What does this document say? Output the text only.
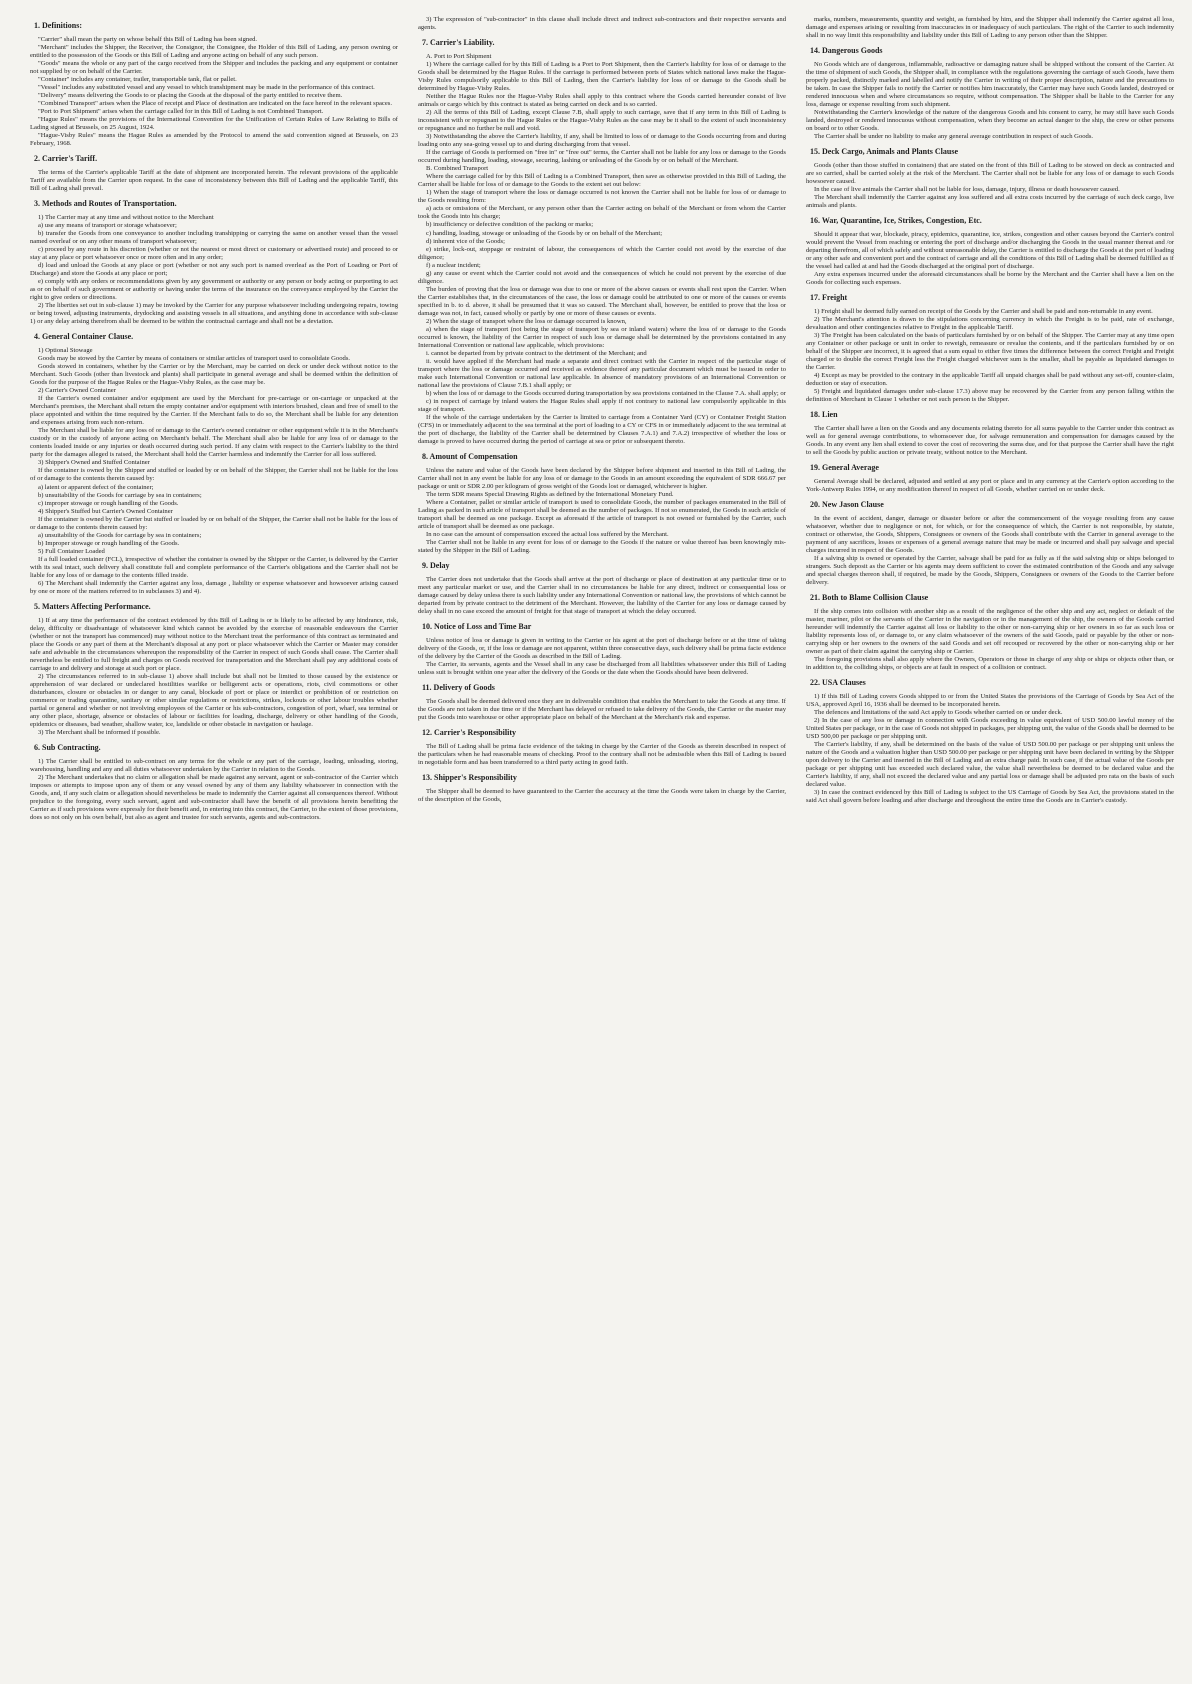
1. Definitions:

"Carrier" shall mean the party on whose behalf this Bill of Lading has been signed.

"Merchant" includes the Shipper, the Receiver, the Consignor, the Consignee, the Holder of this Bill of Lading, any person owning or entitled to the possession of the Goods or this Bill of Lading and anyone acting on behalf of any such person.

"Goods" means the whole or any part of the cargo received from the Shipper and includes the packing and any equipment or container not supplied by or on behalf of the Carrier.

"Container" includes any container, trailer, transportable tank, flat or pallet.

"Vessel" includes any substituted vessel and any vessel to which transhipment may be made in the performance of this contract.

"Delivery" means delivering the Goods to or placing the Goods at the disposal of the party entitled to receive them.

"Combined Transport" arises when the Place of receipt and Place of destination are indicated on the face hereof in the relevant spaces.

"Port to Port Shipment" arises when the carriage called for in this Bill of Lading is not Combined Transport.

"Hague Rules" means the provisions of the International Convention for the Unification of Certain Rules of Law Relating to Bills of Lading signed at Brussels, on 25 August, 1924.

"Hague-Visby Rules" means the Hague Rules as amended by the Protocol to amend the said convention signed at Brussels, on 23 February, 1968.

2. Carrier's Tariff.

The terms of the Carrier's applicable Tariff at the date of shipment are incorporated herein. The relevant provisions of the applicable Tariff are available from the Carrier upon request. In the case of inconsistency between this Bill of Lading and the applicable Tariff, this Bill of Lading shall prevail.

3. Methods and Routes of Transportation.

1) The Carrier may at any time and without notice to the Merchant

a) use any means of transport or storage whatsoever;

b) transfer the Goods from one conveyance to another including transhipping or carrying the same on another vessel than the vessel named overleaf or on any other means of transport whatsoever;

c) proceed by any route in his discretion (whether or not the nearest or most direct or customary or advertised route) and proceed to or stay at any place or port whatsoever once or more often and in any order;

d) load and unload the Goods at any place or port (whether or not any such port is named overleaf as the Port of Loading or Port of Discharge) and store the Goods at any place or port;

e) comply with any orders or recommendations given by any government or authority or any person or body acting or purporting to act as or on behalf of such government or authority or having under the terms of the insurance on the conveyance employed by the Carrier the right to give orders or directions.

2) The liberties set out in sub-clause 1) may be invoked by the Carrier for any purpose whatsoever including undergoing repairs, towing or being towed, adjusting instruments, drydocking and assisting vessels in all situations, and anything done in accordance with sub-clause 1) or any delay arising therefrom shall be deemed to be within the contractual carriage and shall not be a deviation.

4. General Container Clause.

1) Optional Stowage

Goods may be stowed by the Carrier by means of containers or similar articles of transport used to consolidate Goods.

Goods stowed in containers, whether by the Carrier or by the Merchant, may be carried on deck or under deck without notice to the Merchant. Such Goods (other than livestock and plants) shall participate in general average and shall be deemed within the definition of Goods for the purpose of the Hague Rules or the Hague-Visby Rules, as the case may be.

2) Carrier's Owned Container

If the Carrier's owned container and/or equipment are used by the Merchant for pre-carriage or on-carriage or unpacked at the Merchant's premises, the Merchant shall return the empty container and/or equipment with interiors brushed, clean and free of smell to the place appointed and within the time required by the Carrier. If the Merchant fails to do so, the Merchant shall be liable for any detention and expenses arising from such non-return.

The Merchant shall be liable for any loss of or damage to the Carrier's owned container or other equipment while it is in the Merchant's custody or in the custody of anyone acting on Merchant's behalf. The Merchant shall also be liable for any loss of or damage to the contents loaded inside or any injuries or death occurred during such period. If any claim with respect to the Carrier's liability to the third party for the damages alleged is raised, the Merchant shall hold the Carrier harmless and indemnify the Carrier for all loss suffered.

3) Shipper's Owned and Stuffed Container

If the container is owned by the Shipper and stuffed or loaded by or on behalf of the Shipper, the Carrier shall not be liable for the loss of or damage to the contents therein caused by:

a) latent or apparent defect of the container;

b) unsuitability of the Goods for carriage by sea in containers;

c) improper stowage or rough handling of the Goods.

4) Shipper's Stuffed but Carrier's Owned Container

If the container is owned by the Carrier but stuffed or loaded by or on behalf of the Shipper, the Carrier shall not be liable for the loss of or damage to the contents therein caused by:

a) unsuitability of the Goods for carriage by sea in containers;

b) Improper stowage or rough handling of the Goods.

5) Full Container Loaded

If a full loaded container (FCL), irrespective of whether the container is owned by the Shipper or the Carrier, is delivered by the Carrier with its seal intact, such delivery shall constitute full and complete performance of the Carrier's obligations and the Carrier shall not be liable for any loss of or damage to the contents filled inside.

6) The Merchant shall indemnify the Carrier against any loss, damage , liability or expense whatsoever and howsoever arising caused by one or more of the matters referred to in subclauses 3) and 4).

5. Matters Affecting Performance.

1) If at any time the performance of the contract evidenced by this Bill of Lading is or is likely to be affected by any hindrance, risk, delay, difficulty or disadvantage of whatsoever kind which cannot be avoided by the exercise of reasonable endeavours the Carrier (whether or not the transport has commenced) may without notice to the Merchant treat the performance of this contract as terminated and place the Goods or any part of them at the Merchant's disposal at any port or place whatsoever which the Carrier or Master may consider safe and advisable in the circumstances whereupon the responsibility of the Carrier in respect of such Goods shall cease. The Carrier shall nevertheless be entitled to full freight and charges on Goods received for transportation and the Merchant shall pay any additional costs of carriage to and delivery and storage at such port or place.

2) The circumstances referred to in sub-clause 1) above shall include but shall not be limited to those caused by the existence or apprehension of war declared or undeclared hostilities warlike or belligerent acts or operations, riots, civil commotions or other disturbances, closure or obstacles in or danger to any canal, blockade of port or place or interdict or prohibition of or restriction on commerce or trading quarantine, sanitary or other similar regulations or restrictions, strikes, lockouts or other labour troubles whether partial or general and whether or not involving employees of the Carrier or his sub-contractors, congestion of port, wharf, sea terminal or any other place, shortage, absence or obstacles of labour or facilities for loading, discharge, delivery or other handling of the Goods, epidemics or diseases, bad weather, shallow water, ice, landslide or other obstacle in navigation or haulage.

3) The Merchant shall be informed if possible.

6. Sub Contracting.

1) The Carrier shall be entitled to sub-contract on any terms for the whole or any part of the carriage, loading, unloading, storing, warehousing, handling and any and all duties whatsoever undertaken by the Carrier in relation to the Goods.

2) The Merchant undertakes that no claim or allegation shall be made against any servant, agent or sub-contractor of the Carrier which imposes or attempts to impose upon any of them or any vessel owned by any of them any liability whatsoever in connection with the Goods, and, if any such claim or allegation should nevertheless be made to indemnify the Carrier against all consequences thereof. Without prejudice to the foregoing, every such servant, agent and sub-contractor shall have the benefit of all provisions herein benefiting the Carrier as if such provisions were expressly for their benefit and, in entering into this contract, the Carrier, to the extent of those provisions, does so not only on his own behalf, but also as agent and trustee for such servants, agents and sub-contractors.

3) The expression of "sub-contractor" in this clause shall include direct and indirect sub-contractors and their respective servants and agents.

7. Carrier's Liability.

A. Port to Port Shipment

1) Where the carriage called for by this Bill of Lading is a Port to Port Shipment, then the Carrier's liability for loss of or damage to the Goods shall be determined by the Hague Rules. If the carriage is performed between ports of States which national laws make the Hague-Visby Rules compulsorily applicable to this Bill of Lading, then the Carrier's liability for loss of or damage to the Goods shall be determined by Hague-Visby Rules.

Neither the Hague Rules nor the Hague-Visby Rules shall apply to this contract where the Goods carried hereunder consist of live animals or cargo which by this contract is stated as being carried on deck and is so carried.

2) All the terms of this Bill of Lading, except Clause 7.B, shall apply to such carriage, save that if any term in this Bill of Lading is inconsistent with or repugnant to the Hague Rules or the Hague-Visby Rules as the case may be it shall to the extent of such inconsistency or repugnance and no further be null and void.

3) Notwithstanding the above the Carrier's liability, if any, shall be limited to loss of or damage to the Goods occurring from and during loading onto any sea-going vessel up to and during discharging from that vessel.

If the carriage of Goods is performed on "free in" or "free out" terms, the Carrier shall not be liable for any loss or damage to the Goods occurred during handling, loading, stowage, securing, lashing or unloading of the Goods by or on behalf of the Merchant.

B. Combined Transport

Where the carriage called for by this Bill of Lading is a Combined Transport, then save as otherwise provided in this Bill of Lading, the Carrier shall be liable for loss of or damage to the Goods to the extent set out below:

1) When the stage of transport where the loss or damage occurred is not known the Carrier shall not be liable for loss of or damage to the Goods resulting from:

a) acts or omissions of the Merchant, or any person other than the Carrier acting on behalf of the Merchant or from whom the Carrier took the Goods into his charge;

b) insufficiency or defective condition of the packing or marks;

c) handling, loading, stowage or unloading of the Goods by or on behalf of the Merchant;

d) inherent vice of the Goods;

e) strike, lock-out, stoppage or restraint of labour, the consequences of which the Carrier could not avoid by the exercise of due diligence;

f) a nuclear incident;

g) any cause or event which the Carrier could not avoid and the consequences of which he could not prevent by the exercise of due diligence.

The burden of proving that the loss or damage was due to one or more of the above causes or events shall rest upon the Carrier. When the Carrier establishes that, in the circumstances of the case, the loss or damage could be attributed to one or more of the causes or events specified in b. to d. above, it shall be presumed that it was so caused. The Merchant shall, however, be entitled to prove that the loss or damage was not, in fact, caused wholly or partly by one or more of these causes or events.

2) When the stage of transport where the loss or damage occurred is known,

a) when the stage of transport (not being the stage of transport by sea or inland waters) where the loss of or damage to the Goods occurred is known, the liability of the Carrier in respect of such loss or damage shall be determined by the provisions contained in any International Convention or national law applicable, which provisions:

i. cannot be departed from by private contract to the detriment of the Merchant; and

ii. would have applied if the Merchant had made a separate and direct contract with the Carrier in respect of the particular stage of transport where the loss or damage occurred and received as evidence thereof any particular document which must be issued in order to make such International Convention or national law applicable. In absence of mandatory provisions of an International Convention or national law the provisions of Clause 7.B.1 shall apply; or

b) when the loss of or damage to the Goods occurred during transportation by sea provisions contained in the Clause 7.A. shall apply; or

c) in respect of carriage by inland waters the Hague Rules shall apply if not contrary to national law compulsorily applicable in this stage of transport.

If the whole of the carriage undertaken by the Carrier is limited to carriage from a Container Yard (CY) or Container Freight Station (CFS) in or immediately adjacent to the sea terminal at the port of loading to a CY or CFS in or immediately adjacent to the sea terminal at the port of discharge, the liability of the Carrier shall be determined by Clauses 7.A.1) and 7.A.2) irrespective of whether the loss or damage is proved to have occurred during the period of carriage at sea or prior or subsequent thereto.

8. Amount of Compensation

Unless the nature and value of the Goods have been declared by the Shipper before shipment and inserted in this Bill of Lading, the Carrier shall not in any event be liable for any loss of or damage to the Goods in an amount exceeding the equivalent of SDR 666.67 per package or unit or SDR 2.00 per kilogram of gross weight of the Goods lost or damaged, whichever is higher.

The term SDR means Special Drawing Rights as defined by the International Monetary Fund.

Where a Container, pallet or similar article of transport is used to consolidate Goods, the number of packages enumerated in the Bill of Lading as packed in such article of transport shall be deemed as the number of packages. If not so enumerated, the Goods in such article of transport shall be deemed as one package. Except as aforesaid if the article of transport is not owned or furnished by the Carrier, such article of transport shall be deemed as one package.

In no case can the amount of compensation exceed the actual loss suffered by the Merchant.

The Carrier shall not be liable in any event for loss of or damage to the Goods if the nature or value thereof has been knowingly mis-stated by the Shipper in the Bill of Lading.

9. Delay

The Carrier does not undertake that the Goods shall arrive at the port of discharge or place of destination at any particular time or to meet any particular market or use, and the Carrier shall in no circumstances be liable for any direct, indirect or consequential loss or damage caused by delay unless there is such liability under any International Convention or national law, the provisions of which cannot be departed from by private contract to the detriment of the Merchant. However, the liability of the Carrier for any loss or damage caused by delay shall in no case exceed the amount of freight for that stage of transport at which the delay occurred.

10. Notice of Loss and Time Bar

Unless notice of loss or damage is given in writing to the Carrier or his agent at the port of discharge before or at the time of taking delivery of the Goods, or, if the loss or damage are not apparent, within three consecutive days, such delivery shall be prima facie evidence of the delivery by the Carrier of the Goods as described in the Bill of Lading.

The Carrier, its servants, agents and the Vessel shall in any case be discharged from all liabilities whatsoever under this Bill of Lading unless suit is brought within one year after the delivery of the Goods or the date when the Goods should have been delivered.

11. Delivery of Goods

The Goods shall be deemed delivered once they are in deliverable condition that enables the Merchant to take the Goods at any time. If the Goods are not taken in due time or if the Merchant has delayed or refused to take delivery of the Goods, the Carrier or the master may put the Goods into warehouse or other appropriate place on behalf of the Merchant at the Merchant's risk and expense.

12. Carrier's Responsibility

The Bill of Lading shall be prima facie evidence of the taking in charge by the Carrier of the Goods as therein described in respect of the particulars when he had reasonable means of checking. Proof to the contrary shall not be admissible when this Bill of Lading is issued in negotiable form and has been transferred to a third party acting in good faith.

13. Shipper's Responsibility

The Shipper shall be deemed to have guaranteed to the Carrier the accuracy at the time the Goods were taken in charge by the Carrier, of the description of the Goods,

marks, numbers, measurements, quantity and weight, as furnished by him, and the Shipper shall indemnify the Carrier against all loss, damage and expenses arising or resulting from inaccuracies in or inadequacy of such particulars. The right of the Carrier to such indemnity shall in no way limit this responsibility and liability under this Bill of Lading to any person other than the Shipper.

14. Dangerous Goods

No Goods which are of dangerous, inflammable, radioactive or damaging nature shall be shipped without the consent of the Carrier. At the time of shipment of such Goods, the Shipper shall, in compliance with the regulations governing the carriage of such Goods, have them properly packed, distinctly marked and labelled and notify the Carrier in writing of their proper description, nature and the precautions to be taken. In case the Shipper fails to notify the Carrier or notifies him inaccurately, the Carrier may have such Goods landed, destroyed or rendered innocuous when and where circumstances so require, without compensation. The Shipper shall be liable to the Carrier for any loss, damage or expense resulting from such shipment.

Notwithstanding the Carrier's knowledge of the nature of the dangerous Goods and his consent to carry, he may still have such Goods landed, destroyed or rendered innocuous without compensation, when they become an actual danger to the ship, the crew or other persons on board or to other Goods.

The Carrier shall be under no liability to make any general average contribution in respect of such Goods.

15. Deck Cargo, Animals and Plants Clause

Goods (other than those stuffed in containers) that are stated on the front of this Bill of Lading to be stowed on deck as contracted and are so carried, shall be carried solely at the risk of the Merchant. The Carrier shall not be liable for any loss of or damage to such Goods howsoever caused.

In the case of live animals the Carrier shall not be liable for loss, damage, injury, illness or death howsoever caused.

The Merchant shall indemnify the Carrier against any loss suffered and all extra costs incurred by the carriage of such deck cargo, live animals and plants.

16. War, Quarantine, Ice, Strikes, Congestion, Etc.

Should it appear that war, blockade, piracy, epidemics, quarantine, ice, strikes, congestion and other causes beyond the Carrier's control would prevent the Vessel from reaching or entering the port of discharge and/or discharging the Goods in the usual manner thereat and /or departing therefrom, all of which safely and without unreasonable delay, the Carrier is entitled to discharge the Goods at the port of loading or any other safe and convenient port and the contract of carriage and all the conditions of this Bill of Lading shall be deemed fulfilled as if the vessel had called at and had the Goods discharged at the original port of discharge.

Any extra expenses incurred under the aforesaid circumstances shall be borne by the Merchant and the Carrier shall have a lien on the Goods for collecting such expenses.

17. Freight

1) Freight shall be deemed fully earned on receipt of the Goods by the Carrier and shall be paid and non-returnable in any event.

2) The Merchant's attention is drawn to the stipulations concerning currency in which the Freight is to be paid, rate of exchange, devaluation and other contingencies relative to Freight in the applicable Tariff.

3) The Freight has been calculated on the basis of particulars furnished by or on behalf of the Shipper. The Carrier may at any time open any Container or other package or unit in order to reweigh, remeasure or revalue the contents, and if the particulars furnished by or on behalf of the Shipper are incorrect, it is agreed that a sum equal to either five times the difference between the correct Freight and Freight charged or to double the correct Freight less the Freight charged whichever sum is the smaller, shall be payable as liquidated damages to the Carrier.

4) Except as may be provided to the contrary in the applicable Tariff all unpaid charges shall be paid without any set-off, counter-claim, deduction or stay of execution.

5) Freight and liquidated damages under sub-clause 17.3) above may be recovered by the Carrier from any person falling within the definition of Merchant in Clause 1 whether or not such person is the Shipper.

18. Lien

The Carrier shall have a lien on the Goods and any documents relating thereto for all sums payable to the Carrier under this contract as well as for general average contributions, to whomsoever due, for salvage remuneration and compensation for damages caused by the Goods. In any event any lien shall extend to cover the cost of recovering the sums due, and for that purpose the Carrier shall have the right to sell the Goods by public auction or private treaty, without notice to the Merchant.

19. General Average

General Average shall be declared, adjusted and settled at any port or place and in any currency at the Carrier's option according to the York-Antwerp Rules 1994, or any modification thereof in respect of all Goods, whether carried on or under deck.

20. New Jason Clause

In the event of accident, danger, damage or disaster before or after the commencement of the voyage resulting from any cause whatsoever, whether due to negligence or not, for which, or for the consequence of which, the Carrier is not responsible, by statute, contract or otherwise, the Goods, Shippers, Consignees or owners of the Goods shall contribute with the Carrier in general average to the payment of any sacrifices, losses or expenses of a general average nature that may be made or incurred and shall pay salvage and special charges incurred in respect of the Goods.

If a salving ship is owned or operated by the Carrier, salvage shall be paid for as fully as if the said salving ship or ships belonged to strangers. Such deposit as the Carrier or his agents may deem sufficient to cover the estimated contribution of the Goods and any salvage and special charges thereon shall, if required, be made by the Goods, Shippers, Consignees or owners of the Goods to the Carrier before delivery.

21. Both to Blame Collision Clause

If the ship comes into collision with another ship as a result of the negligence of the other ship and any act, neglect or default of the master, mariner, pilot or the servants of the Carrier in the navigation or in the management of the ship, the owners of the Goods carried hereunder will indemnify the Carrier against all loss or liability to the other or non-carrying ship or her owners in so far as such loss or liability represents loss of, or damage to, or any claim whatsoever of the owners of the said Goods, paid or payable by the other or non-carrying ship or her owners to the owners of the said Goods and set off recouped or recovered by the other or non-carrying ship or her owner as part of their claim against the carrying ship or Carrier.

The foregoing provisions shall also apply where the Owners, Operators or those in charge of any ship or ships or objects other than, or in addition to, the colliding ships, or objects are at fault in respect of a collision or contract.

22. USA Clauses

1) If this Bill of Lading covers Goods shipped to or from the United States the provisions of the Carriage of Goods by Sea Act of the USA, approved April 16, 1936 shall be deemed to be incorporated herein.

The defences and limitations of the said Act apply to Goods whether carried on or under deck.

2) In the case of any loss or damage in connection with Goods exceeding in value equivalent of USD 500.00 lawful money of the United States per package, or in the case of Goods not shipped in packages, per shipping unit, the value of the Goods shall be deemed to be USD 500,00 per package or per shipping unit.

The Carrier's liability, if any, shall be determined on the basis of the value of USD 500.00 per package or per shipping unit unless the nature of the Goods and a valuation higher than USD 500.00 per package or per shipping unit have been declared in writing by the Shipper upon delivery to the Carrier and inserted in the Bill of Lading and an extra charge paid. In such case, if the actual value of the Goods per package or per shipping unit has exceeded such declared value, the value shall nevertheless be deemed to be declared value and the Carrier's liability, if any, shall not exceed the declared value and any partial loss or damage shall be adjusted pro rata on the basis of such declared value.

3) In case the contract evidenced by this Bill of Lading is subject to the US Carriage of Goods by Sea Act, the provisions stated in the said Act shall govern before loading and after discharge and throughout the entire time the Goods are in Carrier's custody.
